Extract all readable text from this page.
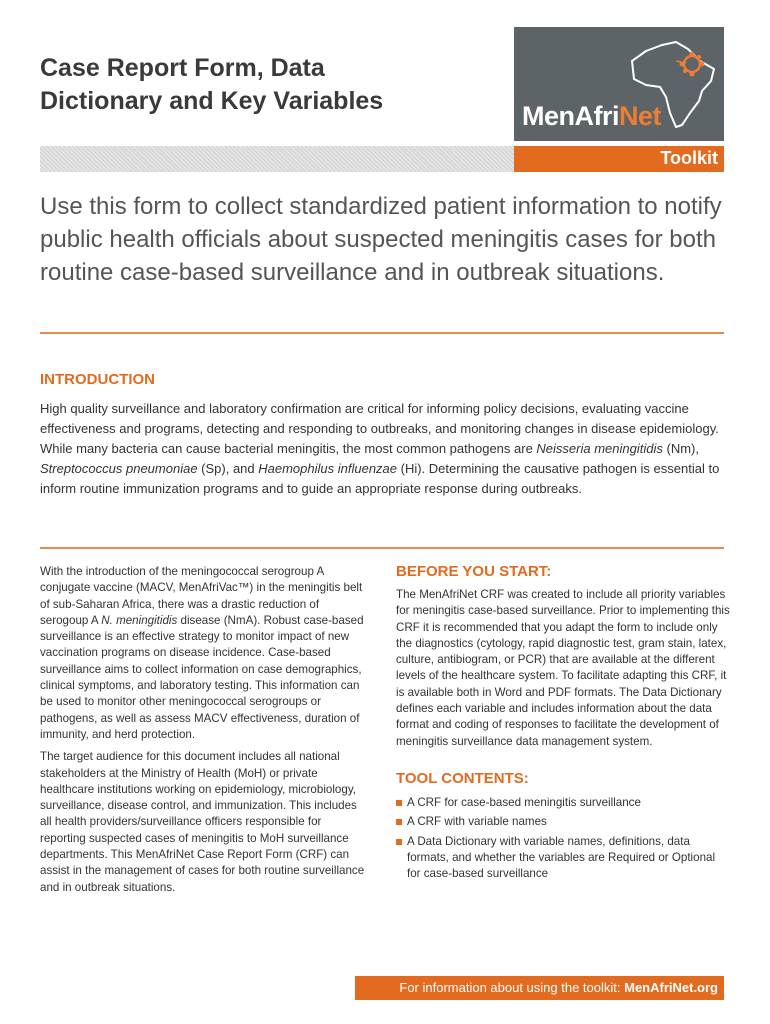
Case Report Form, Data
Dictionary and Key Variables	MenAfriNet
Toolkit

Use this form to collect standardized patient information to notify public health officials about suspected meningitis cases for both routine case-based surveillance and in outbreak situations.

INTRODUCTION

High quality surveillance and laboratory confirmation are critical for informing policy decisions, evaluating vaccine effectiveness and programs, detecting and responding to outbreaks, and monitoring changes in disease epidemiology. While many bacteria can cause bacterial meningitis, the most common pathogens are Neisseria meningitidis (Nm), Streptococcus pneumoniae (Sp), and Haemophilus influenzae (Hi). Determining the causative pathogen is essential to inform routine immunization programs and to guide an appropriate response during outbreaks.

With the introduction of the meningococcal serogroup A conjugate vaccine (MACV, MenAfriVac™) in the meningitis belt of sub-Saharan Africa, there was a drastic reduction of serogoup A N. meningitidis disease (NmA). Robust case-based surveillance is an effective strategy to monitor impact of new vaccination programs on disease incidence. Case-based surveillance aims to collect information on case demographics, clinical symptoms, and laboratory testing. This information can be used to monitor other meningococcal serogroups or pathogens, as well as assess MACV effectiveness, duration of immunity, and herd protection.

The target audience for this document includes all national stakeholders at the Ministry of Health (MoH) or private healthcare institutions working on epidemiology, microbiology, surveillance, disease control, and immunization. This includes all health providers/surveillance officers responsible for reporting suspected cases of meningitis to MoH surveillance departments. This MenAfriNet Case Report Form (CRF) can assist in the management of cases for both routine surveillance and in outbreak situations.

BEFORE YOU START:

The MenAfriNet CRF was created to include all priority variables for meningitis case-based surveillance. Prior to implementing this CRF it is recommended that you adapt the form to include only the diagnostics (cytology, rapid diagnostic test, gram stain, latex, culture, antibiogram, or PCR) that are available at the different levels of the healthcare system. To facilitate adapting this CRF, it is available both in Word and PDF formats. The Data Dictionary defines each variable and includes information about the data format and coding of responses to facilitate the development of meningitis surveillance data management system.

TOOL CONTENTS:
A CRF for case-based meningitis surveillance
A CRF with variable names
A Data Dictionary with variable names, definitions, data formats, and whether the variables are Required or Optional for case-based surveillance
For information about using the toolkit: MenAfriNet.org
